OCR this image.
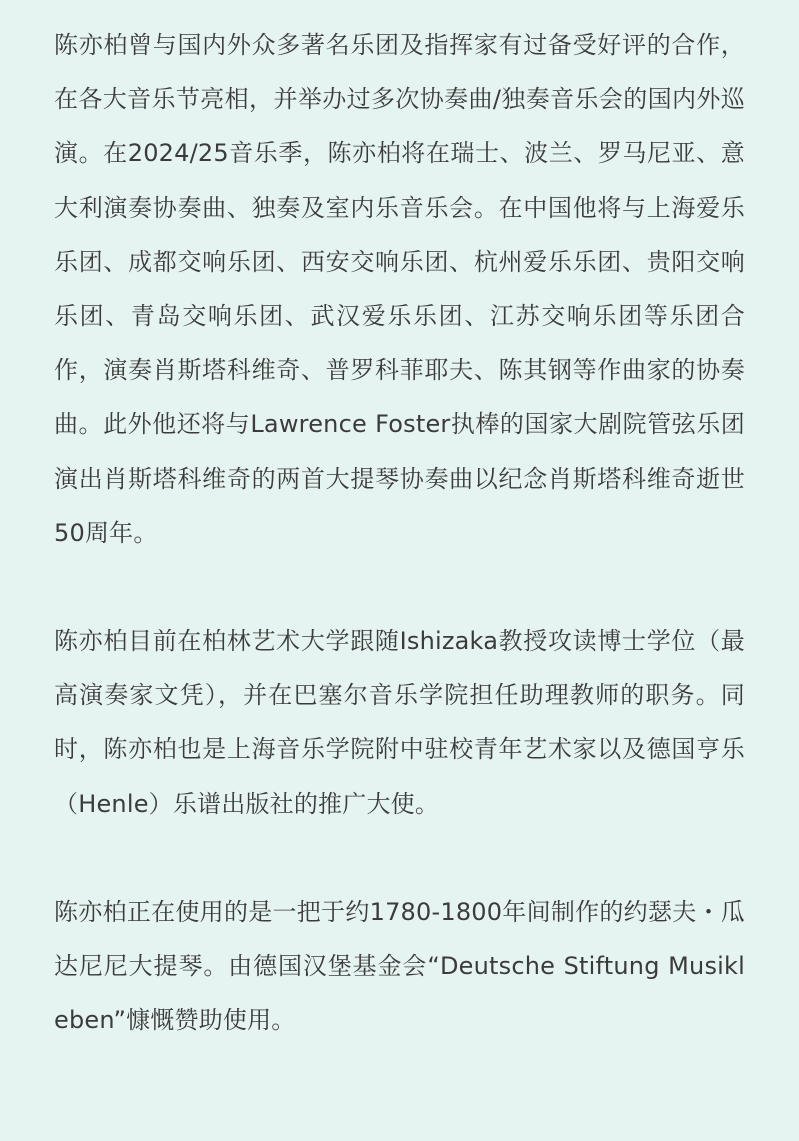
陈亦柏曾与国内外众多著名乐团及指挥家有过备受好评的合作，在各大音乐节亮相，并举办过多次协奏曲/独奏音乐会的国内外巡演。在2024/25音乐季，陈亦柏将在瑞士、波兰、罗马尼亚、意大利演奏协奏曲、独奏及室内乐音乐会。在中国他将与上海爱乐乐团、成都交响乐团、西安交响乐团、杭州爱乐乐团、贵阳交响乐团、青岛交响乐团、武汉爱乐乐团、江苏交响乐团等乐团合作，演奏肖斯塔科维奇、普罗科菲耶夫、陈其钢等作曲家的协奏曲。此外他还将与Lawrence Foster执棒的国家大剧院管弦乐团演出肖斯塔科维奇的两首大提琴协奏曲以纪念肖斯塔科维奇逝世50周年。

陈亦柏目前在柏林艺术大学跟随Ishizaka教授攻读博士学位（最高演奏家文凭），并在巴塞尔音乐学院担任助理教师的职务。同时，陈亦柏也是上海音乐学院附中驻校青年艺术家以及德国亨乐（Henle）乐谱出版社的推广大使。

陈亦柏正在使用的是一把于约1780-1800年间制作的约瑟夫・瓜达尼尼大提琴。由德国汉堡基金会“Deutsche Stiftung Musikleben”慷慨赞助使用。
